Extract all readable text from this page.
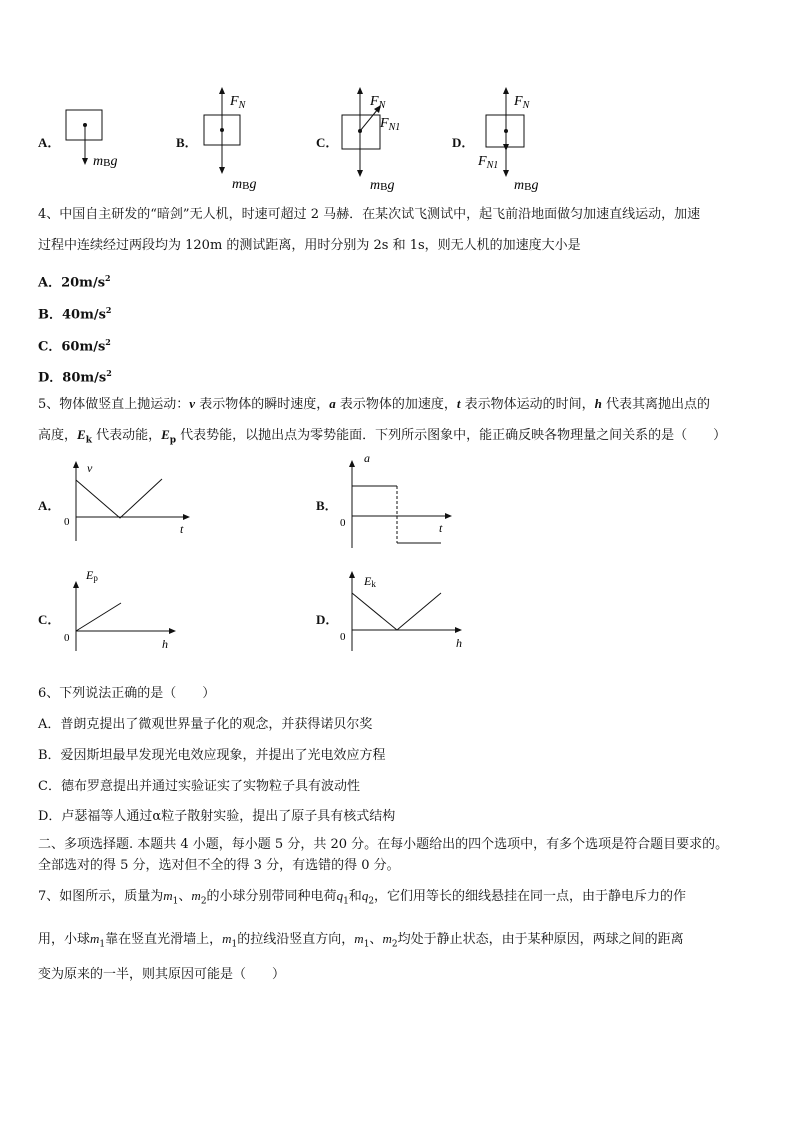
A．
mBg
B．
$F_N$
mBg
C．
$F_N$
$F_{N1}$
mBg
D．
$F_N$
$F_{N1}$
mBg
4、中国自主研发的“暗剑”无人机，时速可超过 2 马赫．在某次试飞测试中，起飞前沿地面做匀加速直线运动，加速
过程中连续经过两段均为 120m 的测试距离，用时分别为 2s 和 1s，则无人机的加速度大小是
A．$20m/s^2$
B．$40m/s^2$
C．$60m/s^2$
D．$80m/s^2$
5、物体做竖直上抛运动：v 表示物体的瞬时速度，a 表示物体的加速度，t 表示物体运动的时间，h 代表其离抛出点的
高度，$E_k$ 代表动能，$E_p$ 代表势能，以抛出点为零势能面．下列所示图象中，能正确反映各物理量之间关系的是（　　）
A．
v
t
0
B．
a
t
0
C．
Ep
h
0
D．
Ek
h
0
6、下列说法正确的是（　　）
A．普朗克提出了微观世界量子化的观念，并获得诺贝尔奖
B．爱因斯坦最早发现光电效应现象，并提出了光电效应方程
C．德布罗意提出并通过实验证实了实物粒子具有波动性
D．卢瑟福等人通过α粒子散射实验，提出了原子具有核式结构
二、多项选择题. 本题共 4 小题，每小题 5 分，共 20 分。在每小题给出的四个选项中，有多个选项是符合题目要求的。
全部选对的得 5 分，选对但不全的得 3 分，有选错的得 0 分。
7、如图所示，质量为$m_1$、$m_2$的小球分别带同种电荷$q_1$和$q_2$，它们用等长的细线悬挂在同一点，由于静电斥力的作
用，小球$m_1$靠在竖直光滑墙上，$m_1$的拉线沿竖直方向，$m_1$、$m_2$均处于静止状态，由于某种原因，两球之间的距离
变为原来的一半，则其原因可能是（　　）
